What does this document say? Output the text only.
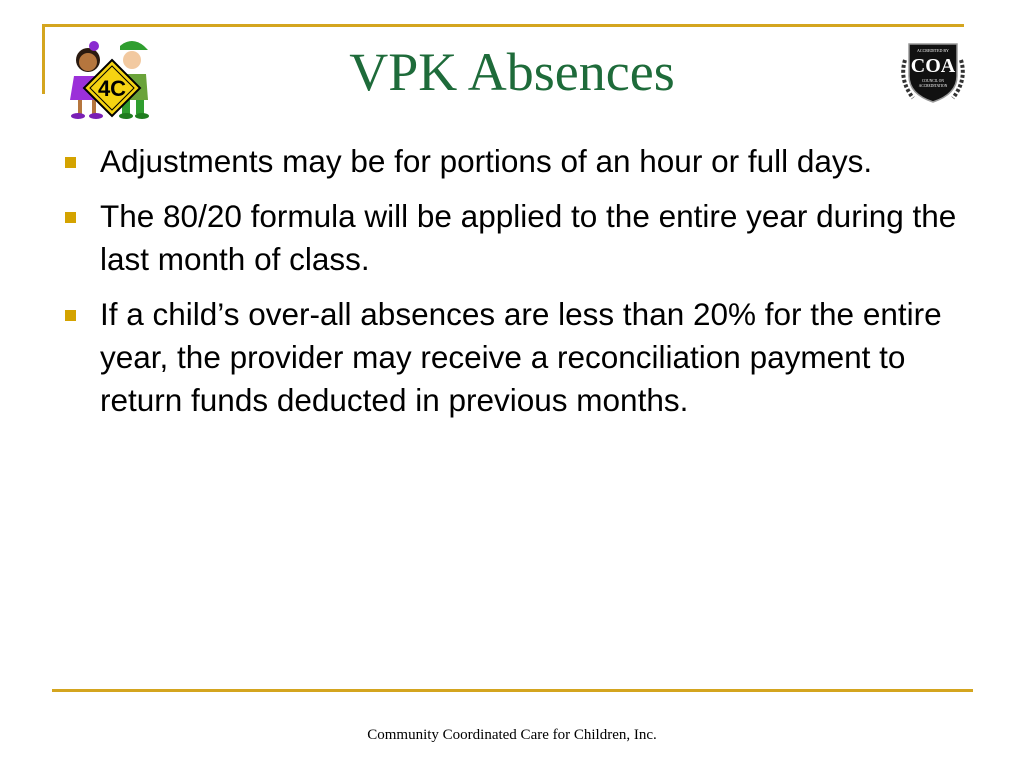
4C	VPK Absences	ACCREDITED BY
COA
COUNCIL ON
ACCREDITATION
Adjustments may be for portions of an hour or full days.
The 80/20 formula will be applied to the entire year during the last month of class.
If a child’s over-all absences are less than 20% for the entire year, the provider may receive a reconciliation payment to return funds deducted in previous months.
Community Coordinated Care for Children, Inc.
